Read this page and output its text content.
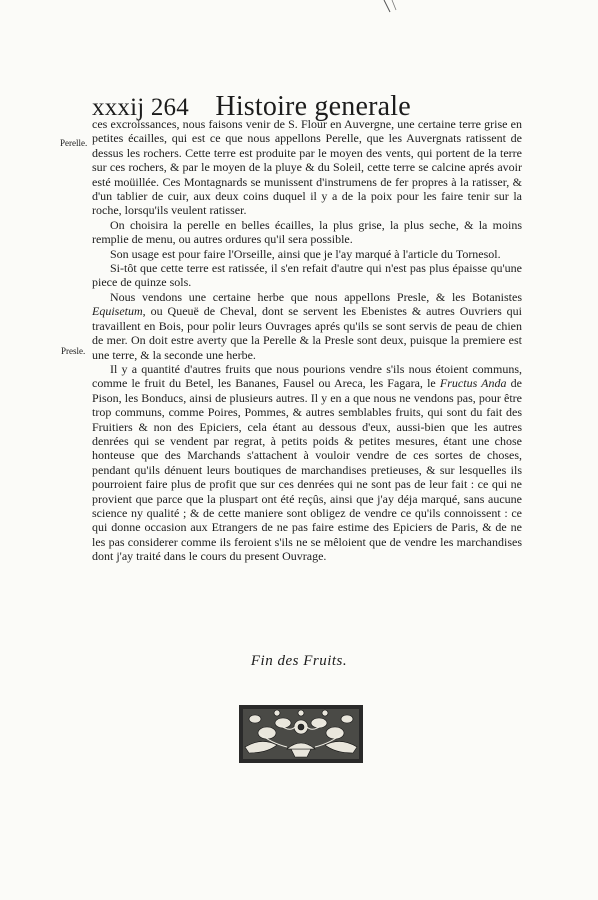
xxxij 264 Histoire generale
Perelle.
Presle.

ces excroissances, nous faisons venir de S. Flour en Auvergne, une certaine terre grise en petites écailles, qui est ce que nous appellons Perelle, que les Auvergnats ratissent de dessus les rochers. Cette terre est produite par le moyen des vents, qui portent de la terre sur ces rochers, & par le moyen de la pluye & du Soleil, cette terre se calcine aprés avoir esté moüillée. Ces Montagnards se munissent d'instrumens de fer propres à la ratisser, & d'un tablier de cuir, aux deux coins duquel il y a de la poix pour les faire tenir sur la roche, lorsqu'ils veulent ratisser.

On choisira la perelle en belles écailles, la plus grise, la plus seche, & la moins remplie de menu, ou autres ordures qu'il sera possible.

Son usage est pour faire l'Orseille, ainsi que je l'ay marqué à l'article du Tornesol.

Si-tôt que cette terre est ratissée, il s'en refait d'autre qui n'est pas plus épaisse qu'une piece de quinze sols.

Nous vendons une certaine herbe que nous appellons Presle, & les Botanistes Equisetum, ou Queuë de Cheval, dont se servent les Ebenistes & autres Ouvriers qui travaillent en Bois, pour polir leurs Ouvrages aprés qu'ils se sont servis de peau de chien de mer. On doit estre averty que la Perelle & la Presle sont deux, puisque la premiere est une terre, & la seconde une herbe.

Il y a quantité d'autres fruits que nous pourions vendre s'ils nous étoient communs, comme le fruit du Betel, les Bananes, Fausel ou Areca, les Fagara, le Fructus Anda de Pison, les Bonducs, ainsi de plusieurs autres. Il y en a que nous ne vendons pas, pour être trop communs, comme Poires, Pommes, & autres semblables fruits, qui sont du fait des Fruitiers & non des Epiciers, cela étant au dessous d'eux, aussi-bien que les autres denrées qui se vendent par regrat, à petits poids & petites mesures, étant une chose honteuse que des Marchands s'attachent à vouloir vendre de ces sortes de choses, pendant qu'ils dénuent leurs boutiques de marchandises pretieuses, & sur lesquelles ils pourroient faire plus de profit que sur ces denrées qui ne sont pas de leur fait : ce qui ne provient que parce que la pluspart ont été reçûs, ainsi que j'ay déja marqué, sans aucune science ny qualité ; & de cette maniere sont obligez de vendre ce qu'ils connoissent : ce qui donne occasion aux Etrangers de ne pas faire estime des Epiciers de Paris, & de ne les pas considerer comme ils feroient s'ils ne se mêloient que de vendre les marchandises dont j'ay traité dans le cours du present Ouvrage.

Fin des Fruits.
